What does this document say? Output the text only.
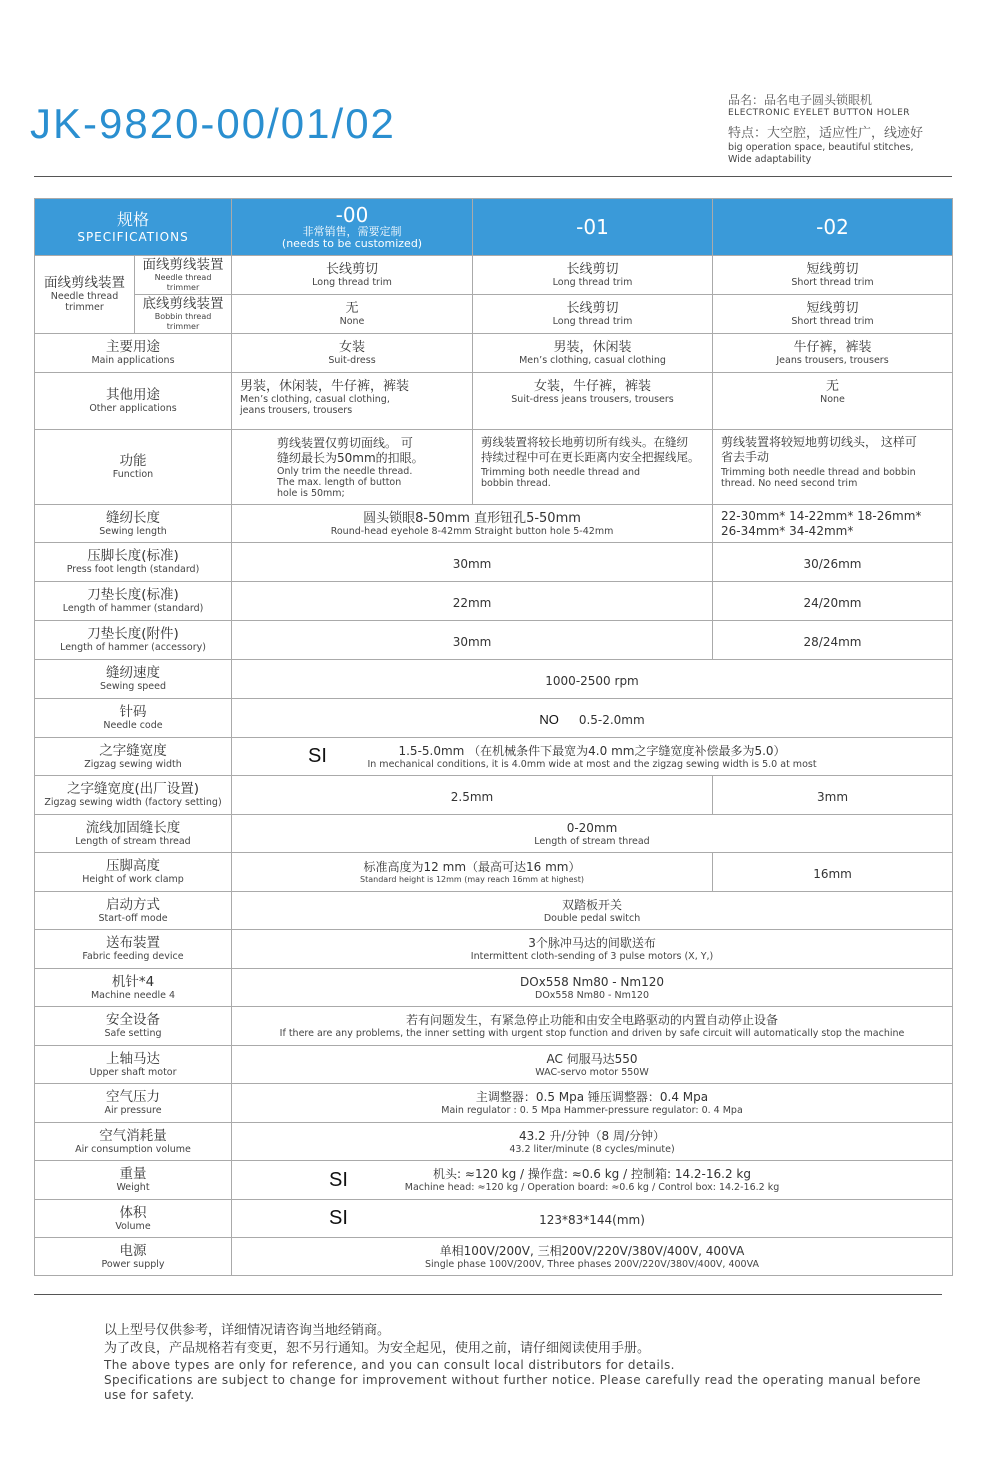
JK-9820-00/01/02	品名：品名电子圆头锁眼机
ELECTRONIC EYELET BUTTON HOLER
特点：大空腔，适应性广，线迹好
big operation space, beautiful stitches,
Wide adaptability
规格
SPECIFICATIONS		-00
非常销售，需要定制
(needs to be customized)	-01	-02

面线剪线装置
Needle thread trimmer	面线剪线装置
Needle thread trimmer	长线剪切
Long thread trim	长线剪切
Long thread trim	短线剪切
Short thread trim

	底线剪线装置
Bobbin thread trimmer	无
None	长线剪切
Long thread trim	短线剪切
Short thread trim

主要用途
Main applications		女装
Suit-dress	男装，休闲装
Men’s clothing, casual clothing	牛仔裤，裤装
Jeans trousers, trousers

其他用途
Other applications		男装，休闲装，牛仔裤，裤装
Men’s clothing, casual clothing,
jeans trousers, trousers	女装，牛仔裤，裤装
Suit-dress jeans trousers, trousers	无
None

功能
Function		剪线装置仅剪切面线。 可
缝纫最长为50mm的扣眼。
Only trim the needle thread.
The max. length of button
hole is 50mm;	剪线装置将较长地剪切所有线头。在缝纫
持续过程中可在更长距离内安全把握线尾。
Trimming both needle thread and
bobbin thread.	剪线装置将较短地剪切线头， 这样可
省去手动
Trimming both needle thread and bobbin
thread. No need second trim

缝纫长度
Sewing length		圆头锁眼8-50mm 直形钮孔5-50mm
Round-head eyehole 8-42mm Straight button hole 5-42mm		22-30mm* 14-22mm* 18-26mm*
26-34mm* 34-42mm*

压脚长度(标准)
Press foot length (standard)		30mm		30/26mm

刀垫长度(标准)
Length of hammer (standard)		22mm		24/20mm

刀垫长度(附件)
Length of hammer (accessory)		30mm		28/24mm

缝纫速度
Sewing speed		1000-2500 rpm		

针码
Needle code		NO 0.5-2.0mm		

之字缝宽度
Zigzag sewing width		SI 1.5-5.0mm （在机械条件下最宽为4.0 mm之字缝宽度补偿最多为5.0）
In mechanical conditions, it is 4.0mm wide at most and the zigzag sewing width is 5.0 at most		

之字缝宽度(出厂设置)
Zigzag sewing width (factory setting)		2.5mm		3mm

流线加固缝长度
Length of stream thread		0-20mm
Length of stream thread		

压脚高度
Height of work clamp		标准高度为12 mm（最高可达16 mm）
Standard height is 12mm (may reach 16mm at highest)		16mm

启动方式
Start-off mode		双踏板开关
Double pedal switch		

送布装置
Fabric feeding device		3个脉冲马达的间歇送布
Intermittent cloth-sending of 3 pulse motors (X, Y,)		

机针*4
Machine needle 4		DOx558 Nm80 - Nm120
DOx558 Nm80 - Nm120		

安全设备
Safe setting		若有问题发生，有紧急停止功能和由安全电路驱动的内置自动停止设备
If there are any problems, the inner setting with urgent stop function and driven by safe circuit will automatically stop the machine		

上轴马达
Upper shaft motor		AC 伺服马达550
WAC-servo motor 550W		

空气压力
Air pressure		主调整器：0.5 Mpa 锤压调整器：0.4 Mpa
Main regulator : 0. 5 Mpa Hammer-pressure regulator: 0. 4 Mpa		

空气消耗量
Air consumption volume		43.2 升/分钟（8 周/分钟）
43.2 liter/minute (8 cycles/minute)		

重量
Weight		SI 机头: ≈120 kg / 操作盘: ≈0.6 kg / 控制箱: 14.2-16.2 kg
Machine head: ≈120 kg / Operation board: ≈0.6 kg / Control box: 14.2-16.2 kg		

体积
Volume		SI 123*83*144(mm)		

电源
Power supply		单相100V/200V, 三相200V/220V/380V/400V, 400VA
Single phase 100V/200V, Three phases 200V/220V/380V/400V, 400VA		
以上型号仅供参考，详细情况请咨询当地经销商。
为了改良，产品规格若有变更，恕不另行通知。为安全起见，使用之前，请仔细阅读使用手册。
The above types are only for reference, and you can consult local distributors for details.
Specifications are subject to change for improvement without further notice. Please carefully read the operating manual before
use for safety.
